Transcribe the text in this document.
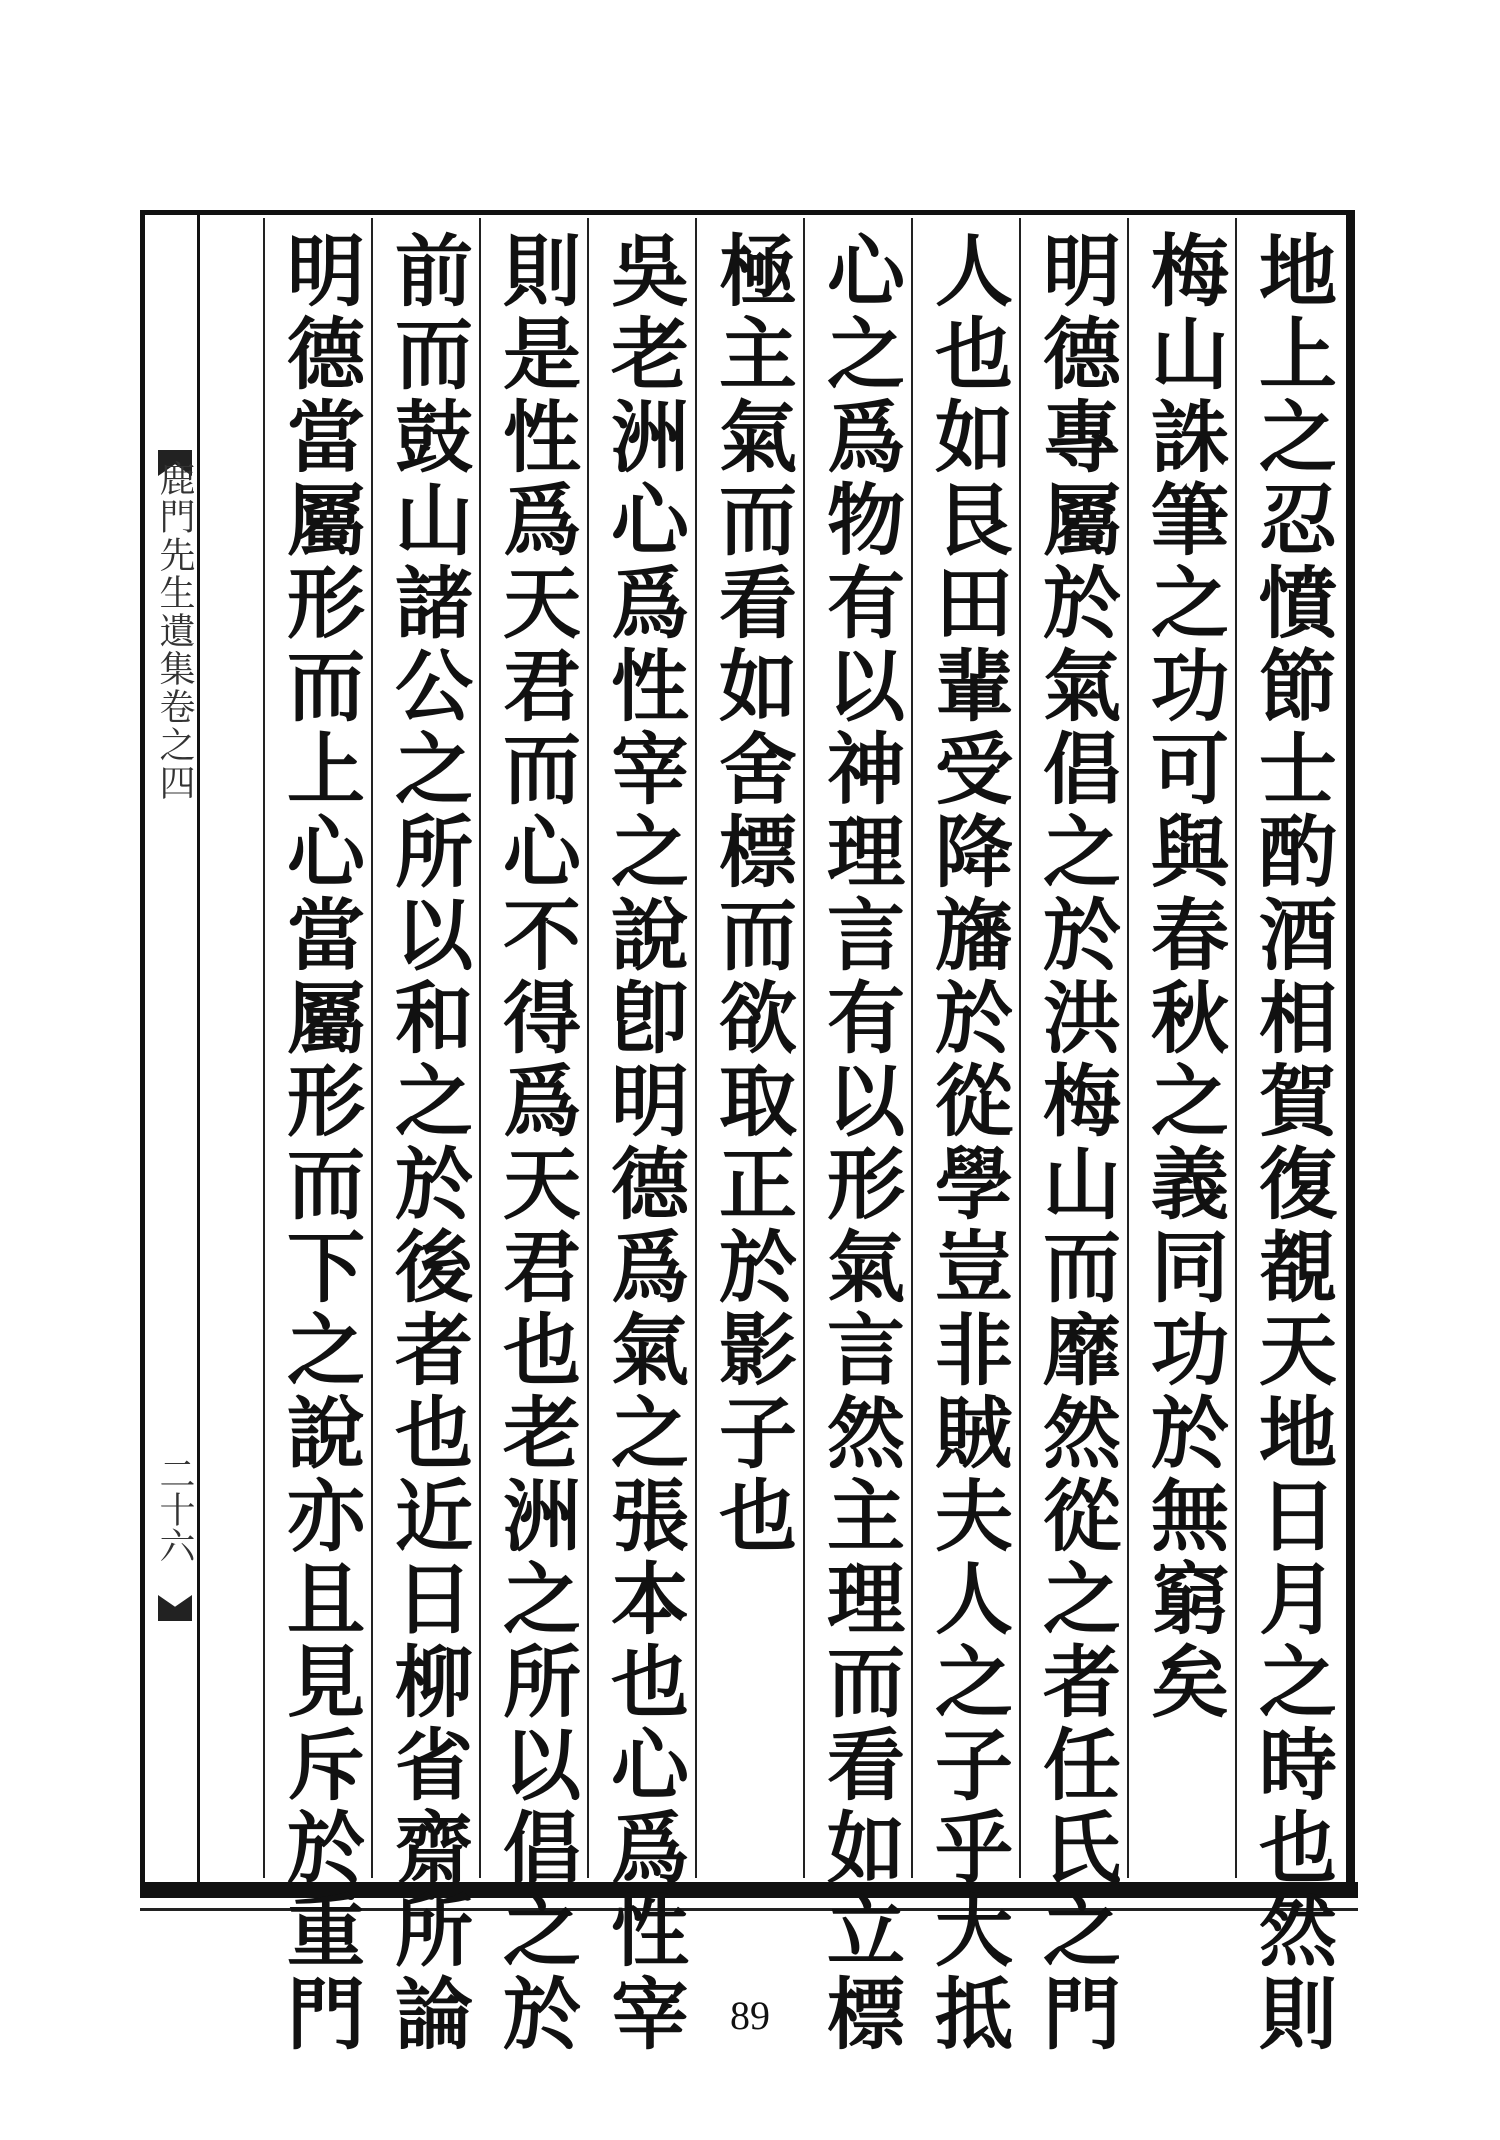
鹿門先生遺集卷之四
二十六	地上之忍憤節士酌酒相賀復覩天地日月之時也然則
梅山誅筆之功可與春秋之義同功於無窮矣
明德專屬於氣倡之於洪梅山而靡然從之者任氏之門
人也如艮田輩受降旛於從學豈非賊夫人之子乎大抵
心之爲物有以神理言有以形氣言然主理而看如立標
極主氣而看如舍標而欲取正於影子也
吳老洲心爲性宰之說卽明德爲氣之張本也心爲性宰
則是性爲天君而心不得爲天君也老洲之所以倡之於
前而鼓山諸公之所以和之於後者也近日柳省齋所論
明德當屬形而上心當屬形而下之說亦且見斥於重門	89
